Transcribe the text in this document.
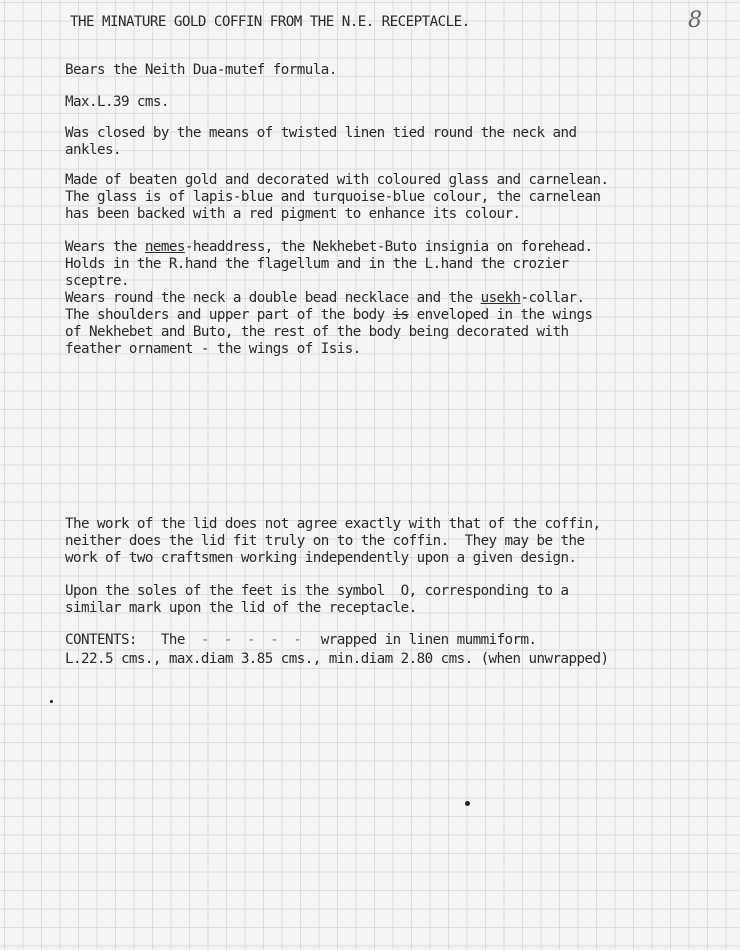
8
THE MINATURE GOLD COFFIN FROM THE N.E. RECEPTACLE.
Bears the Neith Dua-mutef formula.
Max.L.39 cms.
Was closed by the means of twisted linen tied round the neck and
ankles.
Made of beaten gold and decorated with coloured glass and carnelean.
The glass is of lapis-blue and turquoise-blue colour, the carnelean
has been backed with a red pigment to enhance its colour.
Wears the nemes-headdress, the Nekhebet-Buto insignia on forehead.
Holds in the R.hand the flagellum and in the L.hand the crozier
sceptre.
Wears round the neck a double bead necklace and the usekh-collar.
The shoulders and upper part of the body is enveloped in the wings
of Nekhebet and Buto, the rest of the body being decorated with
feather ornament - the wings of Isis.
The work of the lid does not agree exactly with that of the coffin,
neither does the lid fit truly on to the coffin.  They may be the
work of two craftsmen working independently upon a given design.
Upon the soles of the feet is the symbol  O, corresponding to a
similar mark upon the lid of the receptacle.
CONTENTS: The - - - - - wrapped in linen mummiform.
L.22.5 cms., max.diam 3.85 cms., min.diam 2.80 cms. (when unwrapped)
